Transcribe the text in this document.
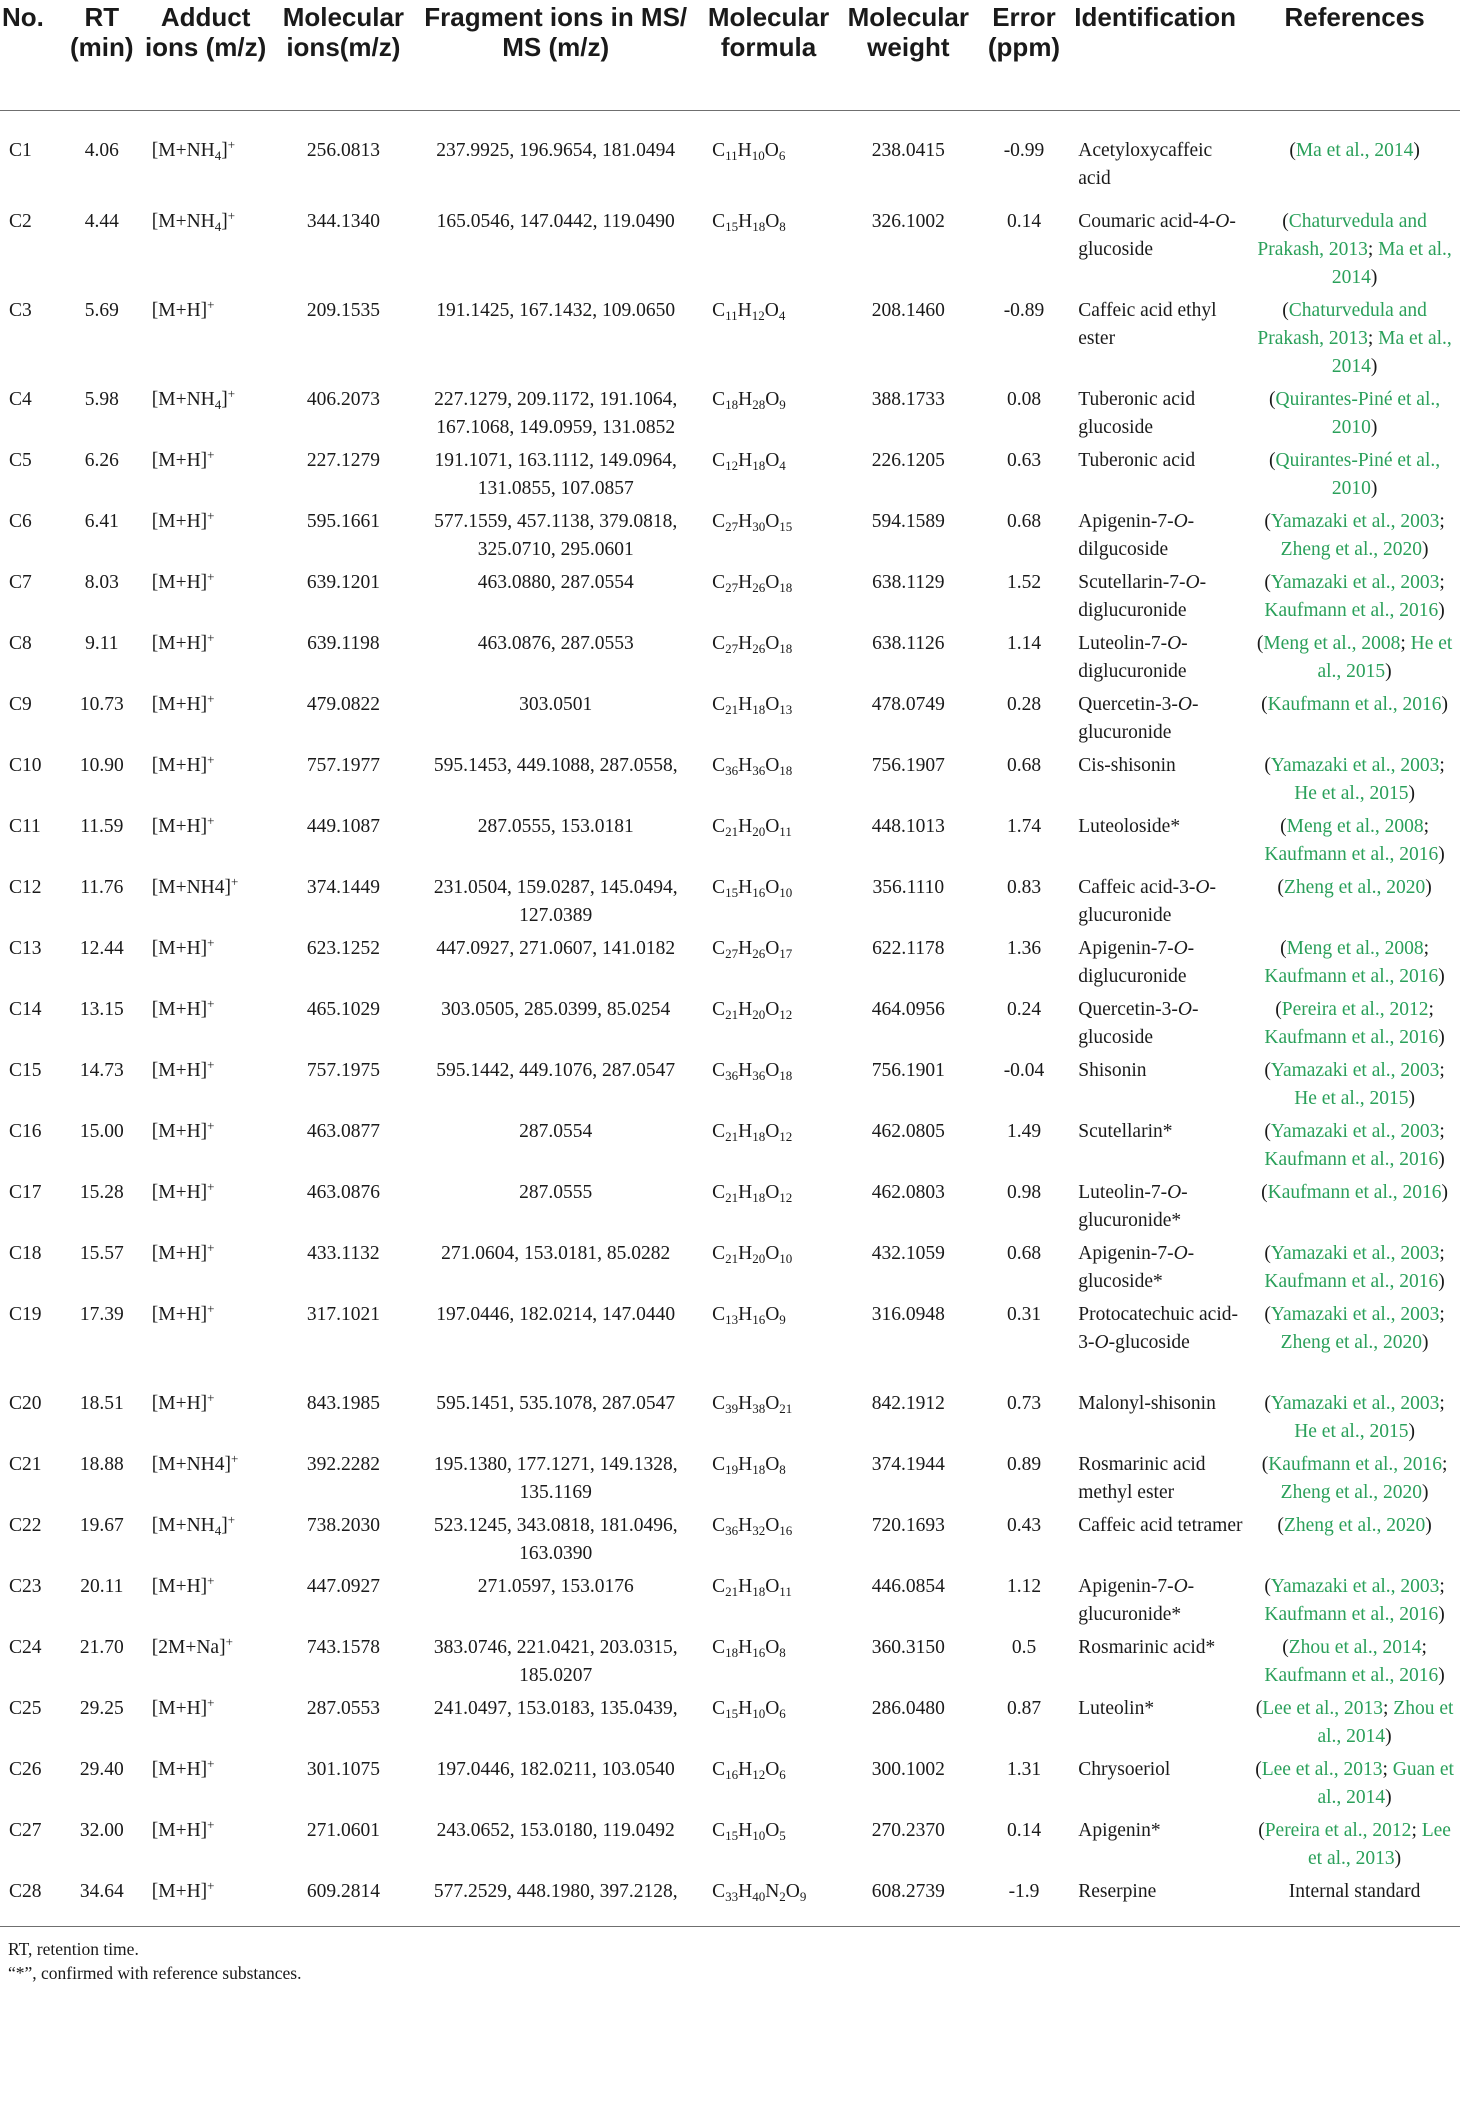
No.	RT (min)	Adduct ions (m/z)	Molecular ions(m/z)	Fragment ions in MS/ MS (m/z)	Molecular formula	Molecular weight	Error (ppm)	Identification	References
C1	4.06	$[M+NH_4]^+$	256.0813	237.9925, 196.9654, 181.0494	$C_{11}H_{10}O_6$	238.0415	-0.99	Acetyloxycaffeic acid	(Ma et al., 2014)
C2	4.44	$[M+NH_4]^+$	344.1340	165.0546, 147.0442, 119.0490	$C_{15}H_{18}O_8$	326.1002	0.14	Coumaric acid-4-O-glucoside	(Chaturvedula and Prakash, 2013; Ma et al., 2014)
C3	5.69	[M+H]+	209.1535	191.1425, 167.1432, 109.0650	$C_{11}H_{12}O_4$	208.1460	-0.89	Caffeic acid ethyl ester	(Chaturvedula and Prakash, 2013; Ma et al., 2014)
C4	5.98	$[M+NH_4]^+$	406.2073	227.1279, 209.1172, 191.1064, 167.1068, 149.0959, 131.0852	$C_{18}H_{28}O_9$	388.1733	0.08	Tuberonic acid glucoside	(Quirantes-Piné et al., 2010)
C5	6.26	[M+H]+	227.1279	191.1071, 163.1112, 149.0964, 131.0855, 107.0857	$C_{12}H_{18}O_4$	226.1205	0.63	Tuberonic acid	(Quirantes-Piné et al., 2010)
C6	6.41	[M+H]+	595.1661	577.1559, 457.1138, 379.0818, 325.0710, 295.0601	$C_{27}H_{30}O_{15}$	594.1589	0.68	Apigenin-7-O-dilgucoside	(Yamazaki et al., 2003; Zheng et al., 2020)
C7	8.03	[M+H]+	639.1201	463.0880, 287.0554	$C_{27}H_{26}O_{18}$	638.1129	1.52	Scutellarin-7-O-diglucuronide	(Yamazaki et al., 2003; Kaufmann et al., 2016)
C8	9.11	[M+H]+	639.1198	463.0876, 287.0553	$C_{27}H_{26}O_{18}$	638.1126	1.14	Luteolin-7-O-diglucuronide	(Meng et al., 2008; He et al., 2015)
C9	10.73	[M+H]+	479.0822	303.0501	$C_{21}H_{18}O_{13}$	478.0749	0.28	Quercetin-3-O-glucuronide	(Kaufmann et al., 2016)
C10	10.90	[M+H]+	757.1977	595.1453, 449.1088, 287.0558,	$C_{36}H_{36}O_{18}$	756.1907	0.68	Cis-shisonin	(Yamazaki et al., 2003; He et al., 2015)
C11	11.59	[M+H]+	449.1087	287.0555, 153.0181	$C_{21}H_{20}O_{11}$	448.1013	1.74	Luteoloside*	(Meng et al., 2008; Kaufmann et al., 2016)
C12	11.76	[M+NH4]+	374.1449	231.0504, 159.0287, 145.0494, 127.0389	$C_{15}H_{16}O_{10}$	356.1110	0.83	Caffeic acid-3-O-glucuronide	(Zheng et al., 2020)
C13	12.44	[M+H]+	623.1252	447.0927, 271.0607, 141.0182	$C_{27}H_{26}O_{17}$	622.1178	1.36	Apigenin-7-O-diglucuronide	(Meng et al., 2008; Kaufmann et al., 2016)
C14	13.15	[M+H]+	465.1029	303.0505, 285.0399, 85.0254	$C_{21}H_{20}O_{12}$	464.0956	0.24	Quercetin-3-O-glucoside	(Pereira et al., 2012; Kaufmann et al., 2016)
C15	14.73	[M+H]+	757.1975	595.1442, 449.1076, 287.0547	$C_{36}H_{36}O_{18}$	756.1901	-0.04	Shisonin	(Yamazaki et al., 2003; He et al., 2015)
C16	15.00	[M+H]+	463.0877	287.0554	$C_{21}H_{18}O_{12}$	462.0805	1.49	Scutellarin*	(Yamazaki et al., 2003; Kaufmann et al., 2016)
C17	15.28	[M+H]+	463.0876	287.0555	$C_{21}H_{18}O_{12}$	462.0803	0.98	Luteolin-7-O-glucuronide*	(Kaufmann et al., 2016)
C18	15.57	[M+H]+	433.1132	271.0604, 153.0181, 85.0282	$C_{21}H_{20}O_{10}$	432.1059	0.68	Apigenin-7-O-glucoside*	(Yamazaki et al., 2003; Kaufmann et al., 2016)
C19	17.39	[M+H]+	317.1021	197.0446, 182.0214, 147.0440	$C_{13}H_{16}O_9$	316.0948	0.31	Protocatechuic acid-3-O-glucoside	(Yamazaki et al., 2003; Zheng et al., 2020)
C20	18.51	[M+H]+	843.1985	595.1451, 535.1078, 287.0547	$C_{39}H_{38}O_{21}$	842.1912	0.73	Malonyl-shisonin	(Yamazaki et al., 2003; He et al., 2015)
C21	18.88	[M+NH4]+	392.2282	195.1380, 177.1271, 149.1328, 135.1169	$C_{19}H_{18}O_8$	374.1944	0.89	Rosmarinic acid methyl ester	(Kaufmann et al., 2016; Zheng et al., 2020)
C22	19.67	$[M+NH_4]^+$	738.2030	523.1245, 343.0818, 181.0496, 163.0390	$C_{36}H_{32}O_{16}$	720.1693	0.43	Caffeic acid tetramer	(Zheng et al., 2020)
C23	20.11	[M+H]+	447.0927	271.0597, 153.0176	$C_{21}H_{18}O_{11}$	446.0854	1.12	Apigenin-7-O-glucuronide*	(Yamazaki et al., 2003; Kaufmann et al., 2016)
C24	21.70	[2M+Na]+	743.1578	383.0746, 221.0421, 203.0315, 185.0207	$C_{18}H_{16}O_8$	360.3150	0.5	Rosmarinic acid*	(Zhou et al., 2014; Kaufmann et al., 2016)
C25	29.25	[M+H]+	287.0553	241.0497, 153.0183, 135.0439,	$C_{15}H_{10}O_6$	286.0480	0.87	Luteolin*	(Lee et al., 2013; Zhou et al., 2014)
C26	29.40	[M+H]+	301.1075	197.0446, 182.0211, 103.0540	$C_{16}H_{12}O_6$	300.1002	1.31	Chrysoeriol	(Lee et al., 2013; Guan et al., 2014)
C27	32.00	[M+H]+	271.0601	243.0652, 153.0180, 119.0492	$C_{15}H_{10}O_5$	270.2370	0.14	Apigenin*	(Pereira et al., 2012; Lee et al., 2013)
C28	34.64	[M+H]+	609.2814	577.2529, 448.1980, 397.2128,	$C_{33}H_{40}N_2O_9$	608.2739	-1.9	Reserpine	Internal standard
RT, retention time.
“*”, confirmed with reference substances.
